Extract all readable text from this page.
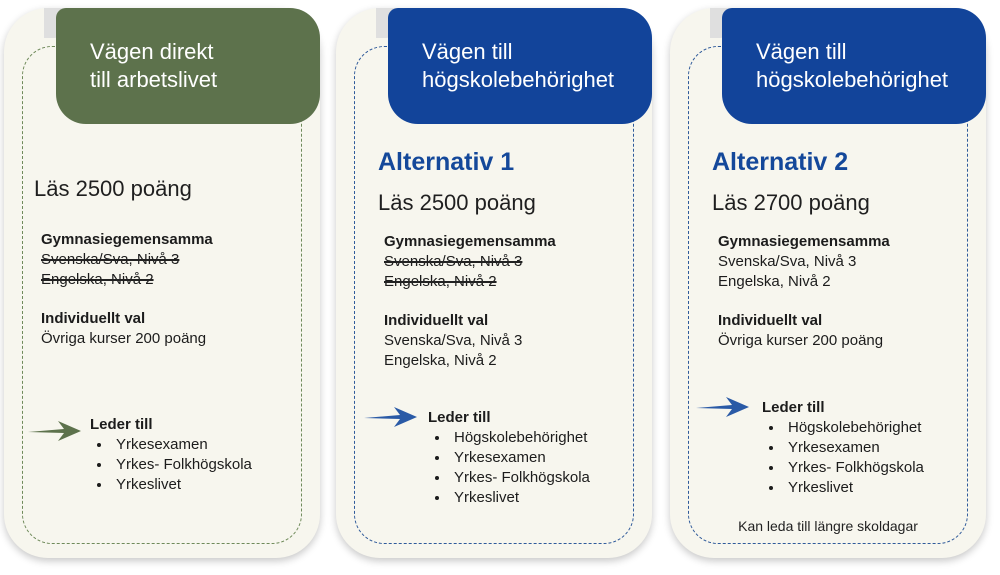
Vägen direkt
till arbetslivet
Läs 2500 poäng
Gymnasiegemensamma
Svenska/Sva, Nivå 3
Engelska, Nivå 2
Individuellt val
Övriga kurser 200 poäng
Leder till
• Yrkesexamen
• Yrkes- Folkhögskola
• Yrkeslivet
Vägen till
högskolebehörighet
Alternativ 1
Läs 2500 poäng
Gymnasiegemensamma
Svenska/Sva, Nivå 3
Engelska, Nivå 2
Individuellt val
Svenska/Sva, Nivå 3
Engelska, Nivå 2
Leder till
• Högskolebehörighet
• Yrkesexamen
• Yrkes- Folkhögskola
• Yrkeslivet
Vägen till
högskolebehörighet
Alternativ 2
Läs 2700 poäng
Gymnasiegemensamma
Svenska/Sva, Nivå 3
Engelska, Nivå 2
Individuellt val
Övriga kurser 200 poäng
Leder till
• Högskolebehörighet
• Yrkesexamen
• Yrkes- Folkhögskola
• Yrkeslivet
Kan leda till längre skoldagar
